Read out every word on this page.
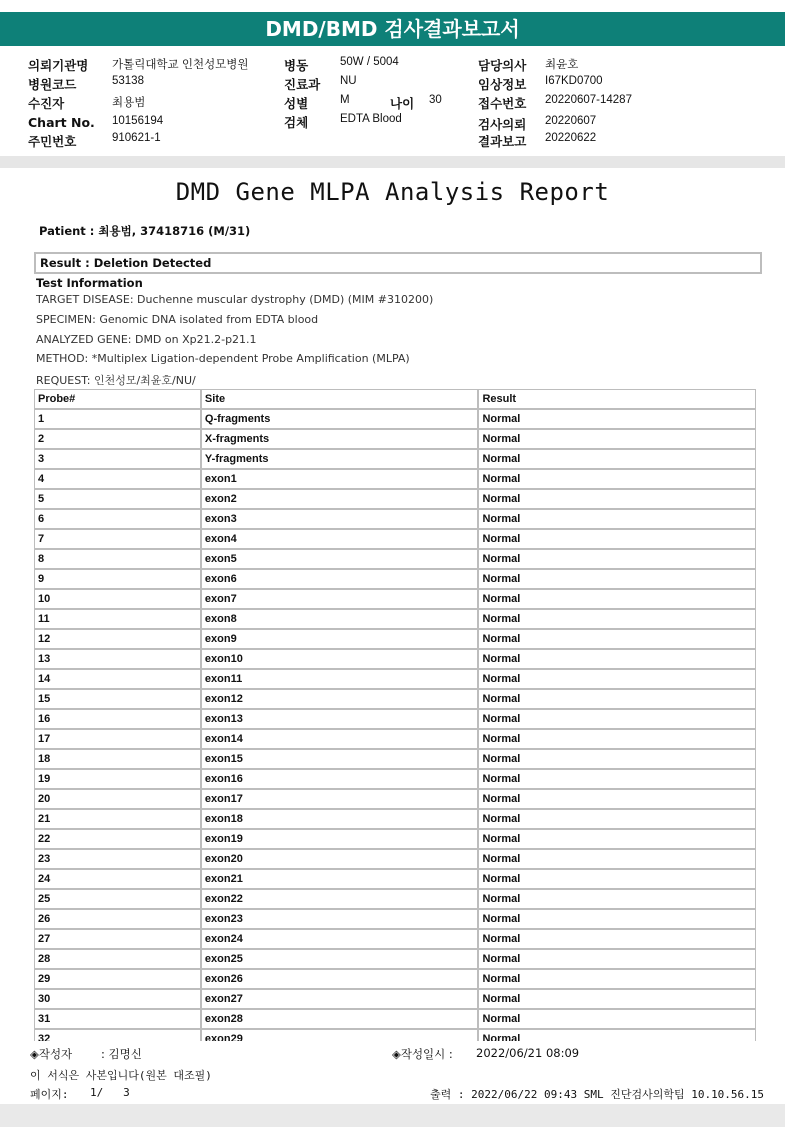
DMD/BMD 검사결과보고서
의뢰기관명 가톨릭대학교 인천성모병원
병원코드	53138
수진자	최용범
Chart No. 10156194
주민번호	910621-1
병동	50W / 5004
진료과 NU
성별	M	나이 30
검체	EDTA Blood
담당의사 최윤호
임상정보 I67KD0700
접수번호 20220607-14287
검사의뢰 20220607
결과보고 20220622
DMD Gene MLPA Analysis Report
Patient : 최용범, 37418716 (M/31)
Result : Deletion Detected
Test Information
TARGET DISEASE: Duchenne muscular dystrophy (DMD) (MIM #310200)
SPECIMEN: Genomic DNA isolated from EDTA blood
ANALYZED GENE: DMD on Xp21.2-p21.1
METHOD: *Multiplex Ligation-dependent Probe Amplification (MLPA)
REQUEST: 인천성모/최윤호/NU/
Probe#	Site	Result
1	Q-fragments	Normal
2	X-fragments	Normal
3	Y-fragments	Normal
4	exon1	Normal
5	exon2	Normal
6	exon3	Normal
7	exon4	Normal
8	exon5	Normal
9	exon6	Normal
10	exon7	Normal
11	exon8	Normal
12	exon9	Normal
13	exon10	Normal
14	exon11	Normal
15	exon12	Normal
16	exon13	Normal
17	exon14	Normal
18	exon15	Normal
19	exon16	Normal
20	exon17	Normal
21	exon18	Normal
22	exon19	Normal
23	exon20	Normal
24	exon21	Normal
25	exon22	Normal
26	exon23	Normal
27	exon24	Normal
28	exon25	Normal
29	exon26	Normal
30	exon27	Normal
31	exon28	Normal
32	exon29	Normal
◈작성자	: 김명신	◈작성일시 : 2022/06/21 08:09
이 서식은 사본입니다(원본 대조필)
페이지: 1/   3	출력 : 2022/06/22 09:43 SML 진단검사의학팀 10.10.56.15
